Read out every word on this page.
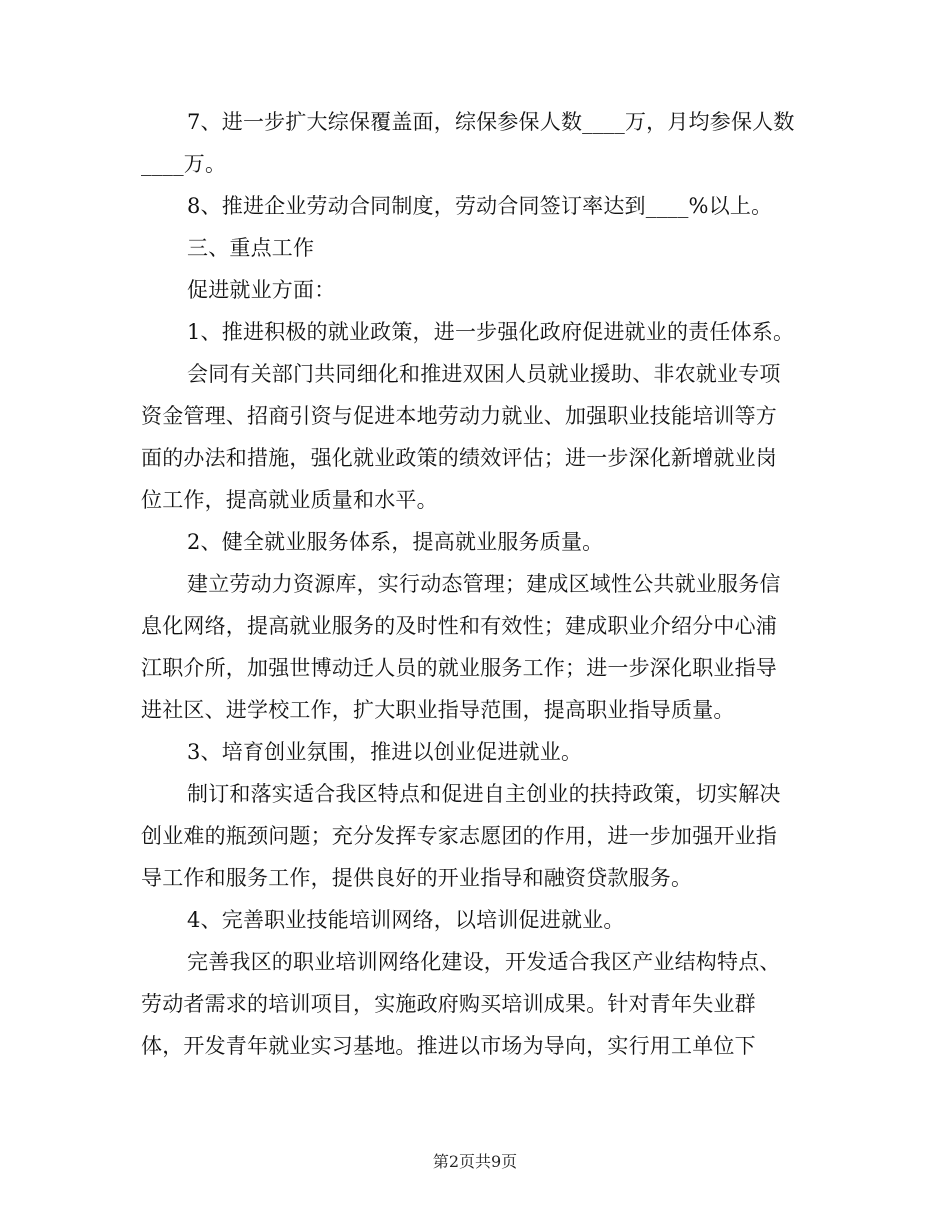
7、进一步扩大综保覆盖面，综保参保人数____万，月均参保人数
____万。
8、推进企业劳动合同制度，劳动合同签订率达到____%以上。
三、重点工作
促进就业方面：
1、推进积极的就业政策，进一步强化政府促进就业的责任体系。
会同有关部门共同细化和推进双困人员就业援助、非农就业专项
资金管理、招商引资与促进本地劳动力就业、加强职业技能培训等方
面的办法和措施，强化就业政策的绩效评估；进一步深化新增就业岗
位工作，提高就业质量和水平。
2、健全就业服务体系，提高就业服务质量。
建立劳动力资源库，实行动态管理；建成区域性公共就业服务信
息化网络，提高就业服务的及时性和有效性；建成职业介绍分中心浦
江职介所，加强世博动迁人员的就业服务工作；进一步深化职业指导
进社区、进学校工作，扩大职业指导范围，提高职业指导质量。
3、培育创业氛围，推进以创业促进就业。
制订和落实适合我区特点和促进自主创业的扶持政策，切实解决
创业难的瓶颈问题；充分发挥专家志愿团的作用，进一步加强开业指
导工作和服务工作，提供良好的开业指导和融资贷款服务。
4、完善职业技能培训网络，以培训促进就业。
完善我区的职业培训网络化建设，开发适合我区产业结构特点、
劳动者需求的培训项目，实施政府购买培训成果。针对青年失业群
体，开发青年就业实习基地。推进以市场为导向，实行用工单位下
第2页共9页
